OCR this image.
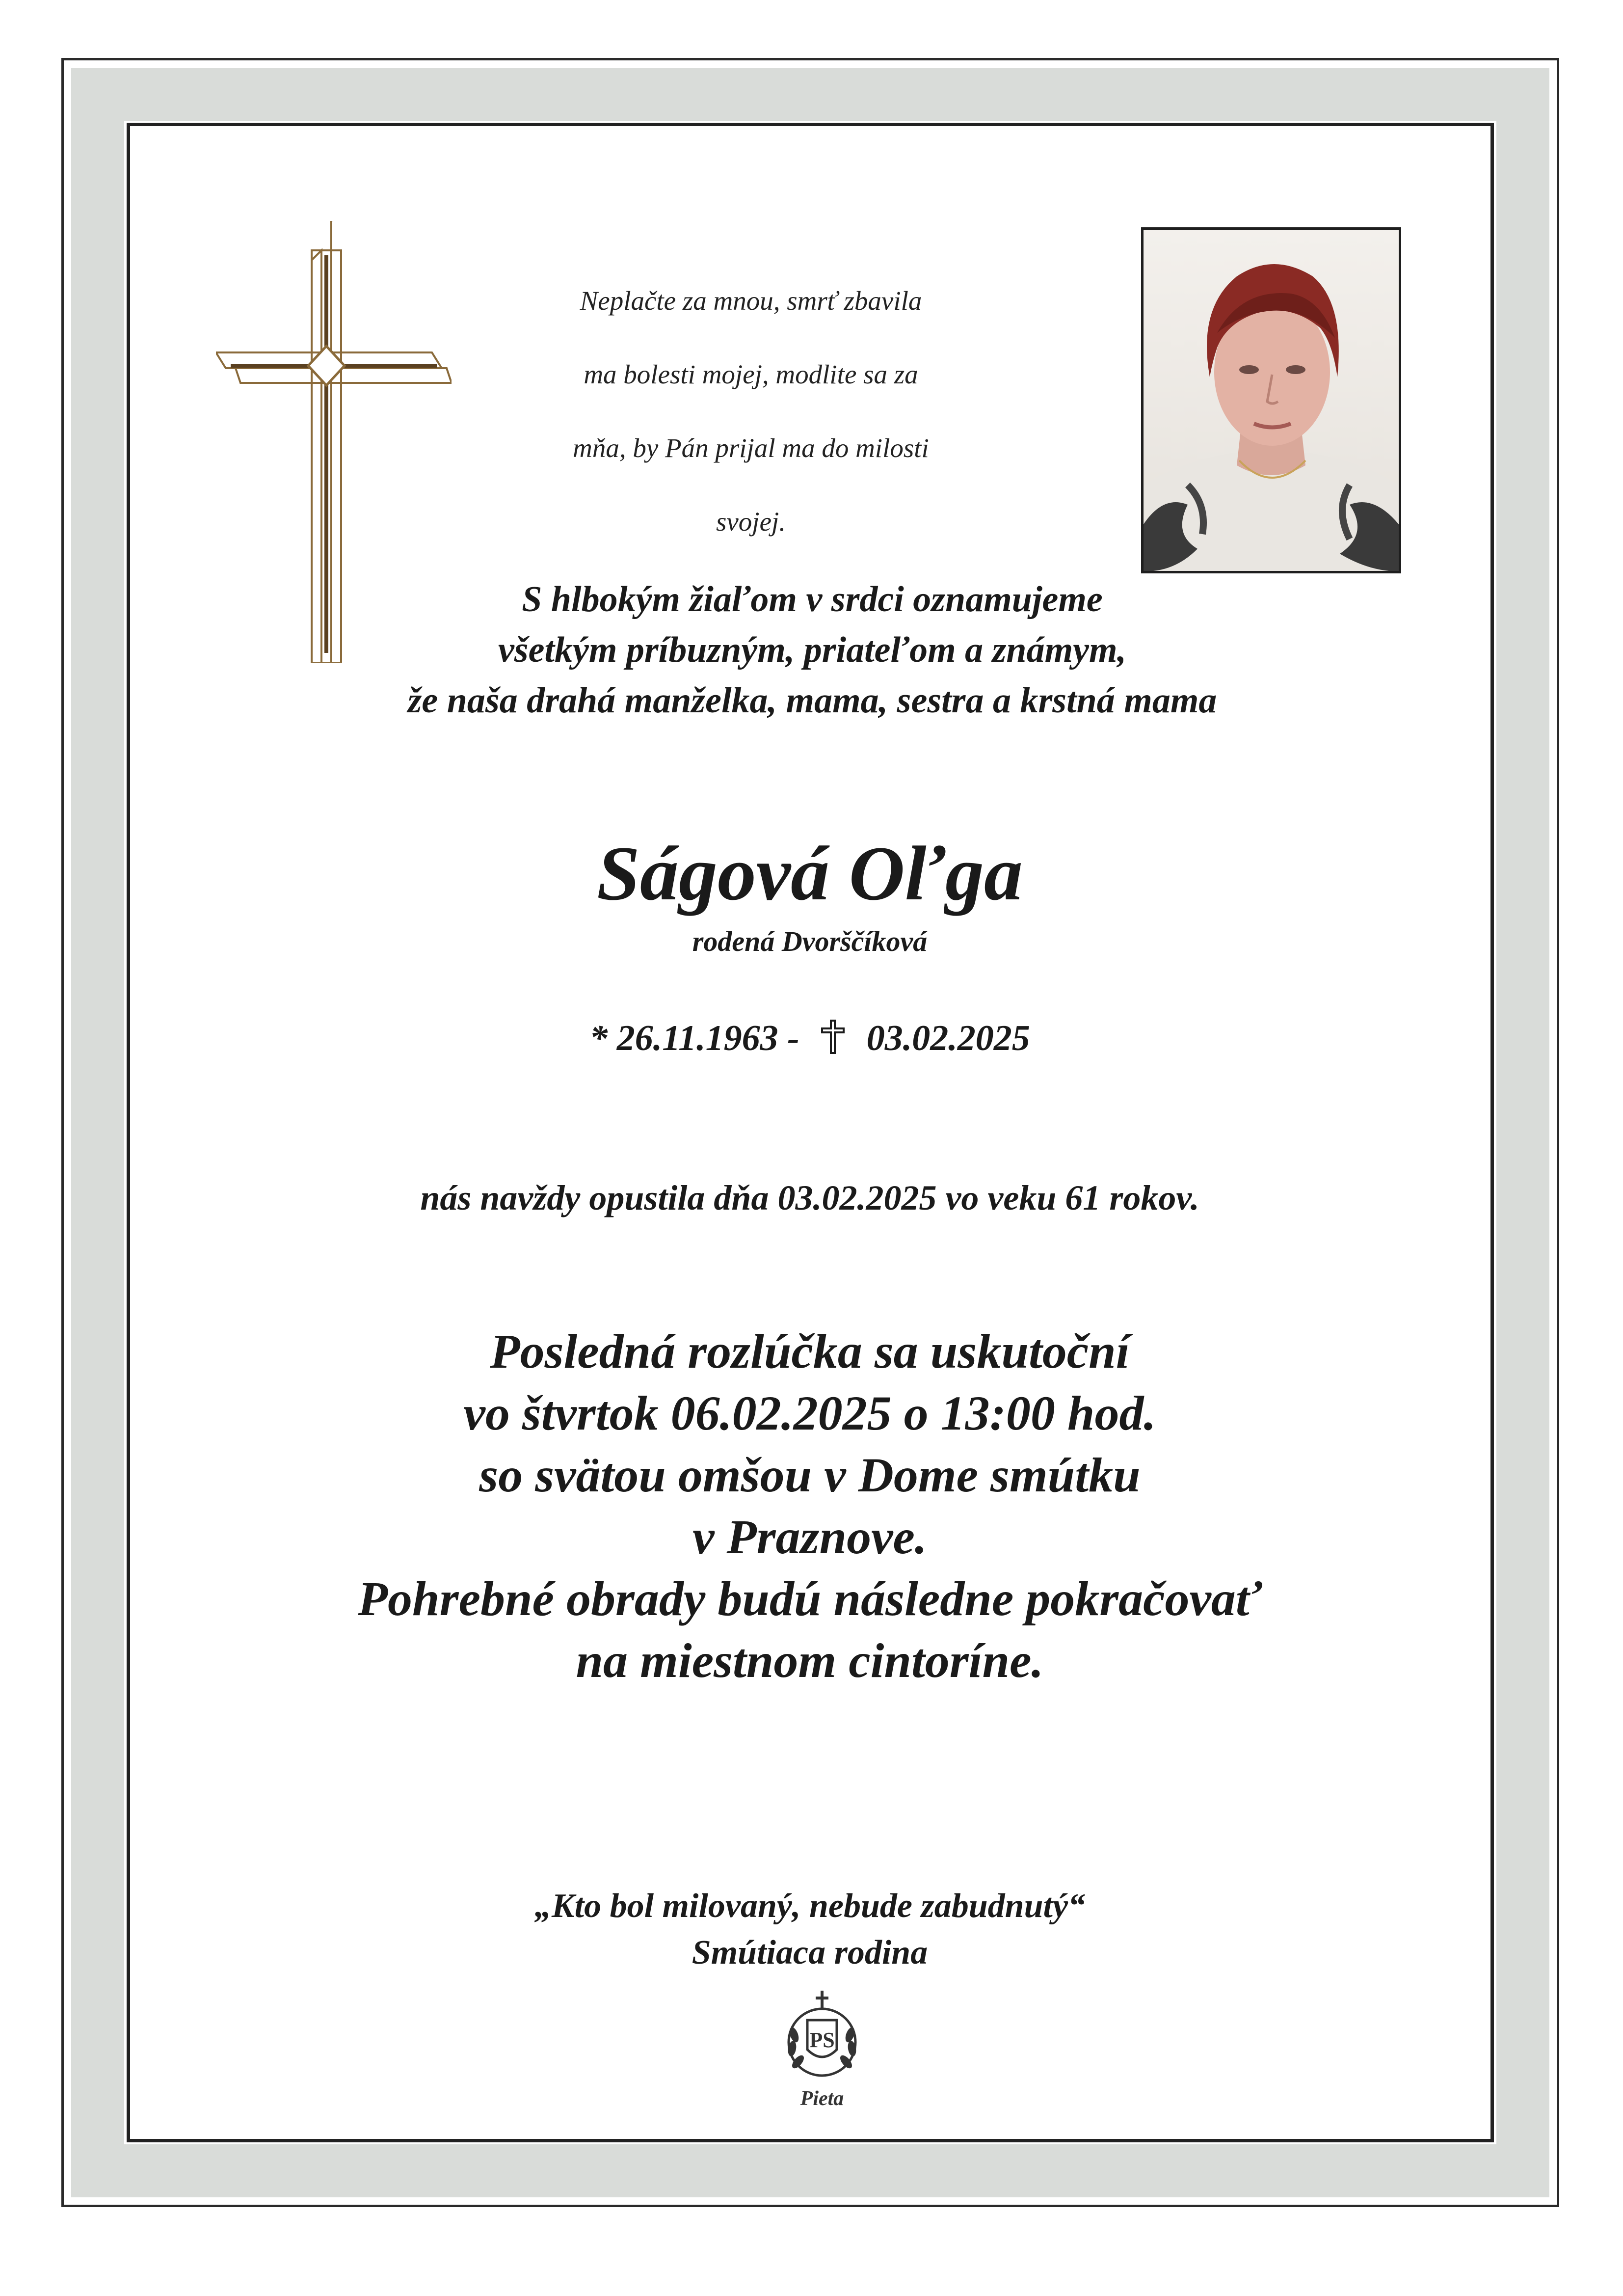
Neplačte za mnou, smrť zbavila

ma bolesti mojej, modlite sa za

mňa, by Pán prijal ma do milosti

svojej.

S hlbokým žiaľom v srdci oznamujeme
všetkým príbuzným, priateľom a známym,
že naša drahá manželka, mama, sestra a krstná mama
Ságová Oľga
rodená Dvorščíková
* 26.11.1963 - 03.02.2025
nás navždy opustila dňa 03.02.2025 vo veku 61 rokov.
Posledná rozlúčka sa uskutoční
vo štvrtok 06.02.2025 o 13:00 hod.
so svätou omšou v Dome smútku
v Praznove.
Pohrebné obrady budú následne pokračovať
na miestnom cintoríne.
„Kto bol milovaný, nebude zabudnutý“
Smútiaca rodina
PS
Pieta
